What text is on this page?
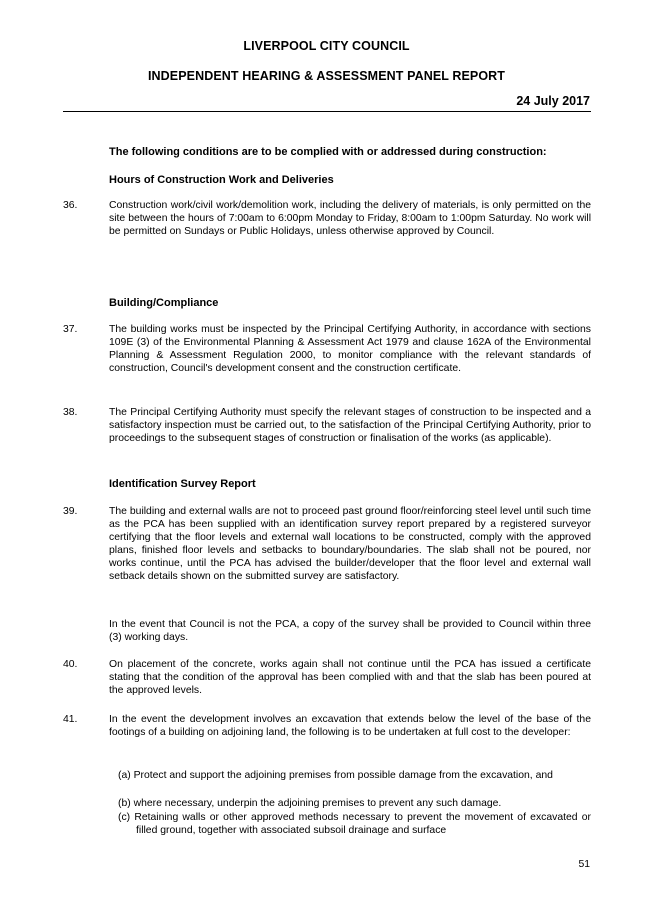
LIVERPOOL CITY COUNCIL
INDEPENDENT HEARING & ASSESSMENT PANEL REPORT
24 July 2017
The following conditions are to be complied with or addressed during construction:
Hours of Construction Work and Deliveries
36.	Construction work/civil work/demolition work, including the delivery of materials, is only permitted on the site between the hours of 7:00am to 6:00pm Monday to Friday, 8:00am to 1:00pm Saturday. No work will be permitted on Sundays or Public Holidays, unless otherwise approved by Council.
Building/Compliance
37.	The building works must be inspected by the Principal Certifying Authority, in accordance with sections 109E (3) of the Environmental Planning & Assessment Act 1979 and clause 162A of the Environmental Planning & Assessment Regulation 2000, to monitor compliance with the relevant standards of construction, Council's development consent and the construction certificate.
38.	The Principal Certifying Authority must specify the relevant stages of construction to be inspected and a satisfactory inspection must be carried out, to the satisfaction of the Principal Certifying Authority, prior to proceedings to the subsequent stages of construction or finalisation of the works (as applicable).
Identification Survey Report
39.	The building and external walls are not to proceed past ground floor/reinforcing steel level until such time as the PCA has been supplied with an identification survey report prepared by a registered surveyor certifying that the floor levels and external wall locations to be constructed, comply with the approved plans, finished floor levels and setbacks to boundary/boundaries. The slab shall not be poured, nor works continue, until the PCA has advised the builder/developer that the floor level and external wall setback details shown on the submitted survey are satisfactory.
In the event that Council is not the PCA, a copy of the survey shall be provided to Council within three (3) working days.
40.	On placement of the concrete, works again shall not continue until the PCA has issued a certificate stating that the condition of the approval has been complied with and that the slab has been poured at the approved levels.
41.	In the event the development involves an excavation that extends below the level of the base of the footings of a building on adjoining land, the following is to be undertaken at full cost to the developer:
(a) Protect and support the adjoining premises from possible damage from the excavation, and
(b) where necessary, underpin the adjoining premises to prevent any such damage.
(c) Retaining walls or other approved methods necessary to prevent the movement of excavated or filled ground, together with associated subsoil drainage and surface
51
